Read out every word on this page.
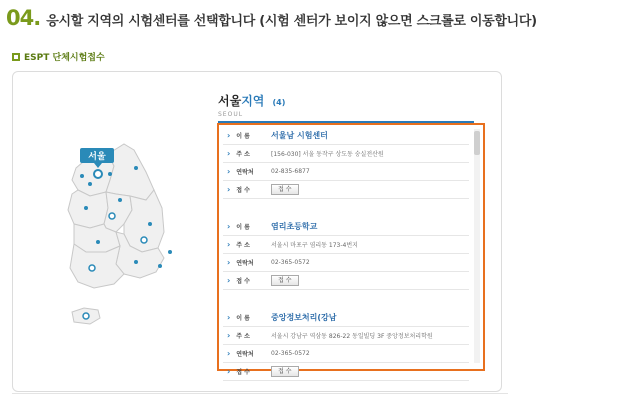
04. 응시할 지역의 시험센터를 선택합니다 (시험 센터가 보이지 않으면 스크롤로 이동합니다)
ESPT 단체시험접수
서울
서울지역 (4)
SEOUL
› 이 름	서울남 시험센터
› 주 소	[156-030] 서울 동작구 상도동 숭실전산원
› 연락처	02-835-6877
› 접 수	접 수
› 이 름	염리초등학교
› 주 소	서울시 마포구 염리동 173-4번지
› 연락처	02-365-0572
› 접 수	접 수
› 이 름	중앙정보처리(강남
› 주 소	서울시 강남구 역삼동 826-22 동일빌딩 3F 중앙정보처리학원
› 연락처	02-365-0572
› 접 수	접 수
